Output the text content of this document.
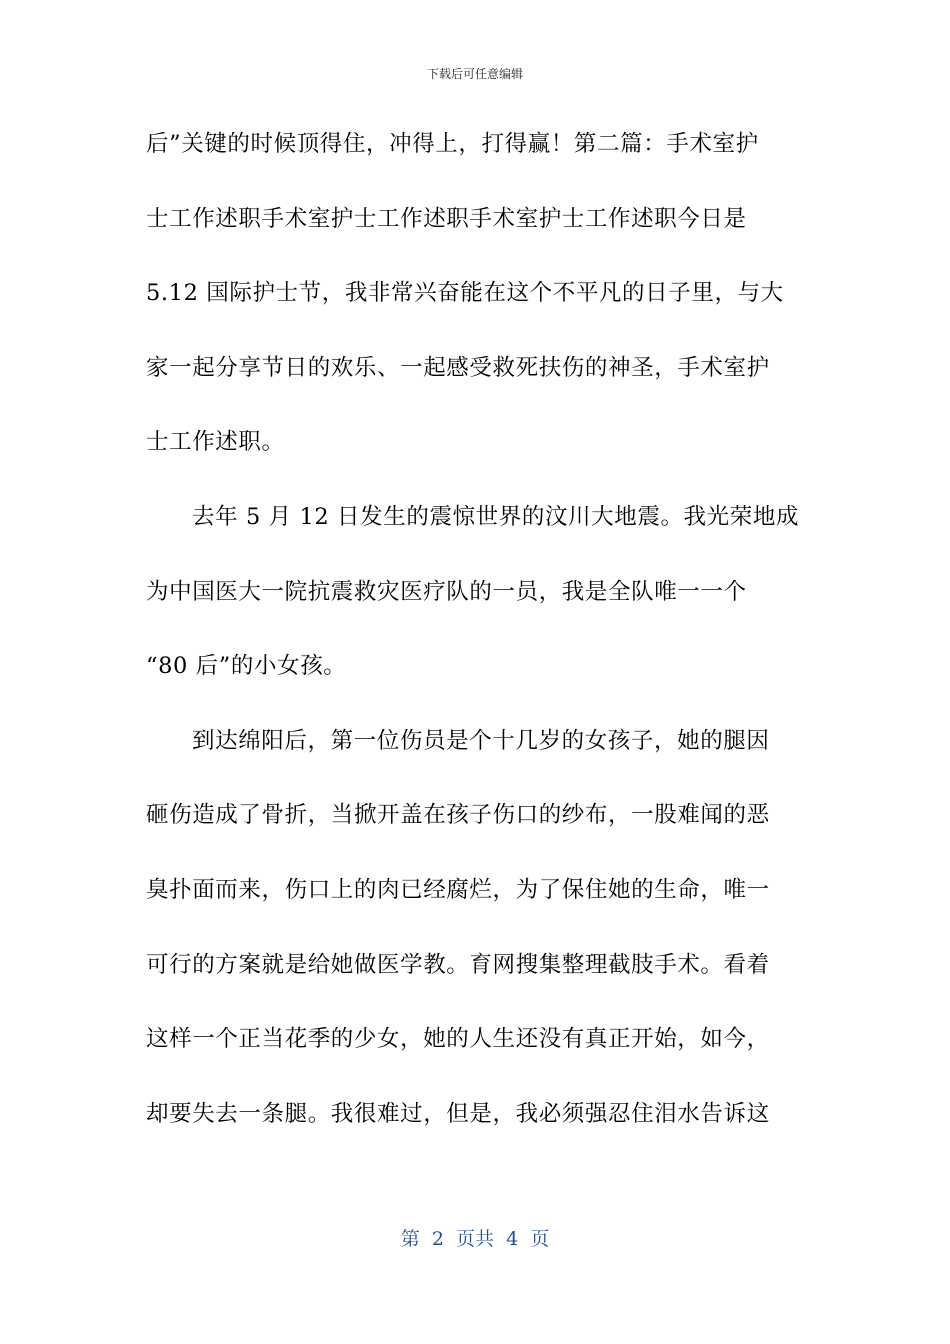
下载后可任意编辑
后”关键的时候顶得住，冲得上，打得赢！第二篇：手术室护
士工作述职手术室护士工作述职手术室护士工作述职今日是
5.12 国际护士节，我非常兴奋能在这个不平凡的日子里，与大
家一起分享节日的欢乐、一起感受救死扶伤的神圣，手术室护
士工作述职。
去年 5 月 12 日发生的震惊世界的汶川大地震。我光荣地成
为中国医大一院抗震救灾医疗队的一员，我是全队唯一一个
“80 后”的小女孩。
到达绵阳后，第一位伤员是个十几岁的女孩子，她的腿因
砸伤造成了骨折，当掀开盖在孩子伤口的纱布，一股难闻的恶
臭扑面而来，伤口上的肉已经腐烂，为了保住她的生命，唯一
可行的方案就是给她做医学教。育网搜集整理截肢手术。看着
这样一个正当花季的少女，她的人生还没有真正开始，如今，
却要失去一条腿。我很难过，但是，我必须强忍住泪水告诉这
第  2  页共  4  页
